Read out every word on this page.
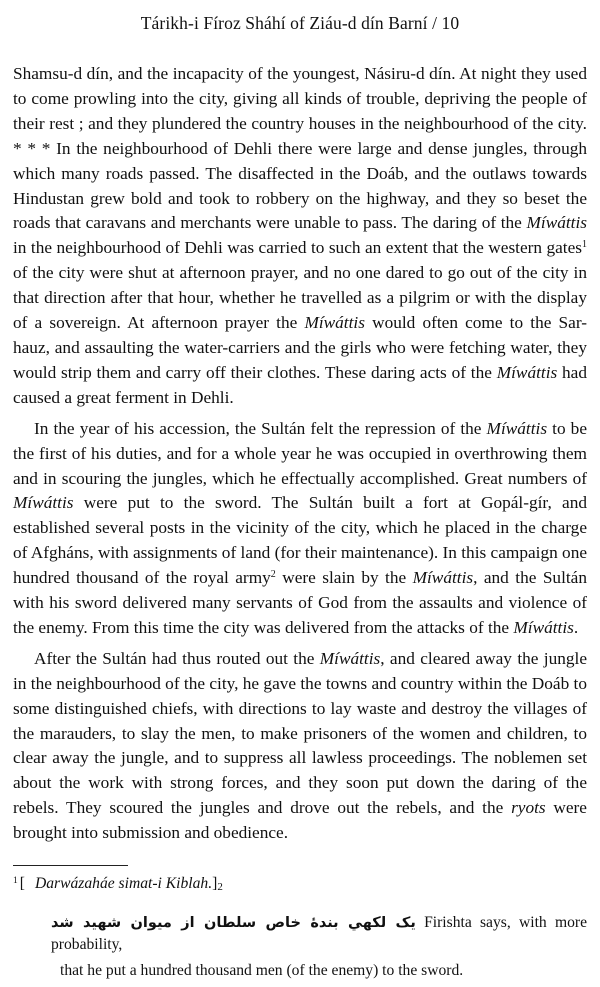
Tárikh-i Fíroz Sháhí of Ziáu-d dín Barní / 10

Shamsu-d dín, and the incapacity of the youngest, Násiru-d dín. At night they used to come prowling into the city, giving all kinds of trouble, depriving the people of their rest ; and they plundered the country houses in the neighbourhood of the city. * * * In the neighbourhood of Dehli there were large and dense jungles, through which many roads passed. The disaffected in the Doáb, and the outlaws towards Hindustan grew bold and took to robbery on the highway, and they so beset the roads that caravans and merchants were unable to pass. The daring of the Míwáttis in the neighbourhood of Dehli was carried to such an extent that the western gates$^1$ of the city were shut at afternoon prayer, and no one dared to go out of the city in that direction after that hour, whether he travelled as a pilgrim or with the display of a sovereign. At afternoon prayer the Míwáttis would often come to the Sar-hauz, and assaulting the water-carriers and the girls who were fetching water, they would strip them and carry off their clothes. These daring acts of the Míwáttis had caused a great ferment in Dehli.

In the year of his accession, the Sultán felt the repression of the Míwáttis to be the first of his duties, and for a whole year he was occupied in overthrowing them and in scouring the jungles, which he effectually accomplished. Great numbers of Míwáttis were put to the sword. The Sultán built a fort at Gopál-gír, and established several posts in the vicinity of the city, which he placed in the charge of Afgháns, with assignments of land (for their maintenance). In this campaign one hundred thousand of the royal army$^2$ were slain by the Míwáttis, and the Sultán with his sword delivered many servants of God from the assaults and violence of the enemy. From this time the city was delivered from the attacks of the Míwáttis.

After the Sultán had thus routed out the Míwáttis, and cleared away the jungle in the neighbourhood of the city, he gave the towns and country within the Doáb to some distinguished chiefs, with directions to lay waste and destroy the villages of the marauders, to slay the men, to make prisoners of the women and children, to clear away the jungle, and to suppress all lawless proceedings. The noblemen set about the work with strong forces, and they soon put down the daring of the rebels. They scoured the jungles and drove out the rebels, and the ryots were brought into submission and obedience.

$^1$ [ Darwázaháe simat-i Kiblah.]2
یک لکهي بندهٔ خاص سلطان از میوان شهید شد Firishta says, with more probability,
that he put a hundred thousand men (of the enemy) to the sword.
